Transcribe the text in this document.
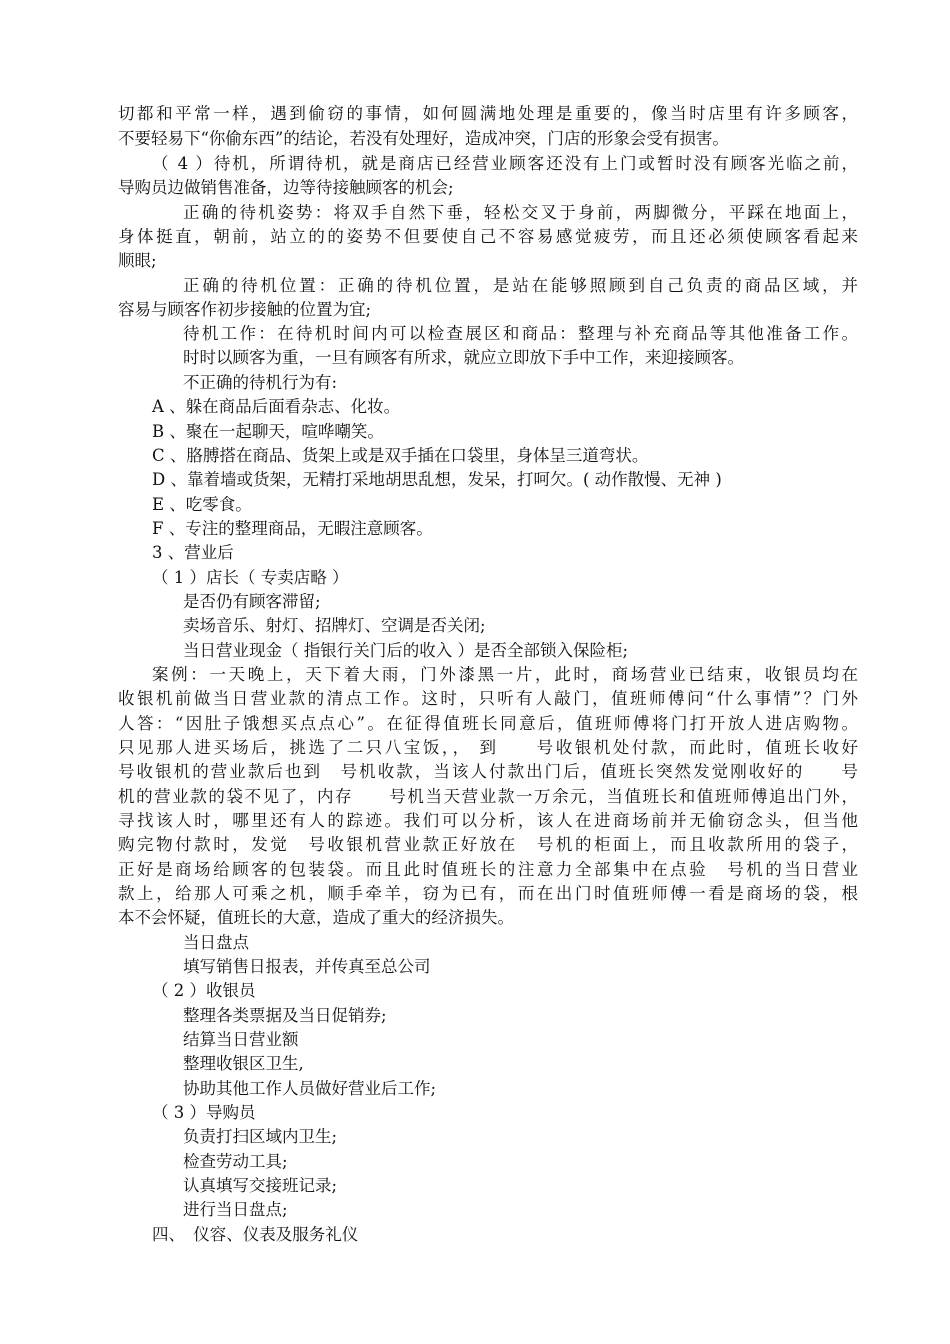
切都和平常一样，遇到偷窃的事情，如何圆满地处理是重要的，像当时店里有许多顾客，
不要轻易下“你偷东西”的结论，若没有处理好，造成冲突，门店的形象会受有损害。
（ 4 ）待机，所谓待机，就是商店已经营业顾客还没有上门或暂时没有顾客光临之前，
导购员边做销售准备，边等待接触顾客的机会;
正确的待机姿势：将双手自然下垂，轻松交叉于身前，两脚微分，平踩在地面上，
身体挺直，朝前，站立的的姿势不但要使自己不容易感觉疲劳，而且还必须使顾客看起来
顺眼;
正确的待机位置：正确的待机位置，是站在能够照顾到自己负责的商品区域，并
容易与顾客作初步接触的位置为宜;
待机工作：在待机时间内可以检查展区和商品：整理与补充商品等其他准备工作。
时时以顾客为重，一旦有顾客有所求，就应立即放下手中工作，来迎接顾客。
不正确的待机行为有:
A 、躲在商品后面看杂志、化妆。
B 、聚在一起聊天，喧哗嘲笑。
C 、胳膊搭在商品、货架上或是双手插在口袋里，身体呈三道弯状。
D 、靠着墙或货架，无精打采地胡思乱想，发呆，打呵欠。( 动作散慢、无神 )
E 、吃零食。
F 、专注的整理商品，无暇注意顾客。
3 、营业后
（ 1 ）店长（ 专卖店略 ）
是否仍有顾客滞留;
卖场音乐、射灯、招牌灯、空调是否关闭;
当日营业现金（ 指银行关门后的收入 ）是否全部锁入保险柜;
案例：一天晚上，天下着大雨，门外漆黑一片，此时，商场营业已结束，收银员均在
收银机前做当日营业款的清点工作。这时，只听有人敲门，值班师傅问“什么事情”？门外
人答：“因肚子饿想买点点心”。在征得值班长同意后，值班师傅将门打开放人进店购物。
只见那人进买场后，挑选了二只八宝饭，， 到　　号收银机处付款，而此时，值班长收好
号收银机的营业款后也到　号机收款，当该人付款出门后，值班长突然发觉刚收好的　　号
机的营业款的袋不见了，内存　　号机当天营业款一万余元，当值班长和值班师傅追出门外，
寻找该人时，哪里还有人的踪迹。我们可以分析，该人在进商场前并无偷窃念头，但当他
购完物付款时，发觉　号收银机营业款正好放在　号机的柜面上，而且收款所用的袋子，
正好是商场给顾客的包装袋。而且此时值班长的注意力全部集中在点验　号机的当日营业
款上，给那人可乘之机，顺手牵羊，窃为已有，而在出门时值班师傅一看是商场的袋，根
本不会怀疑，值班长的大意，造成了重大的经济损失。
当日盘点
填写销售日报表，并传真至总公司
（ 2 ）收银员
整理各类票据及当日促销券;
结算当日营业额
整理收银区卫生,
协助其他工作人员做好营业后工作;
（ 3 ）导购员
负责打扫区域内卫生;
检查劳动工具;
认真填写交接班记录;
进行当日盘点;
四、　仪容、仪表及服务礼仪
